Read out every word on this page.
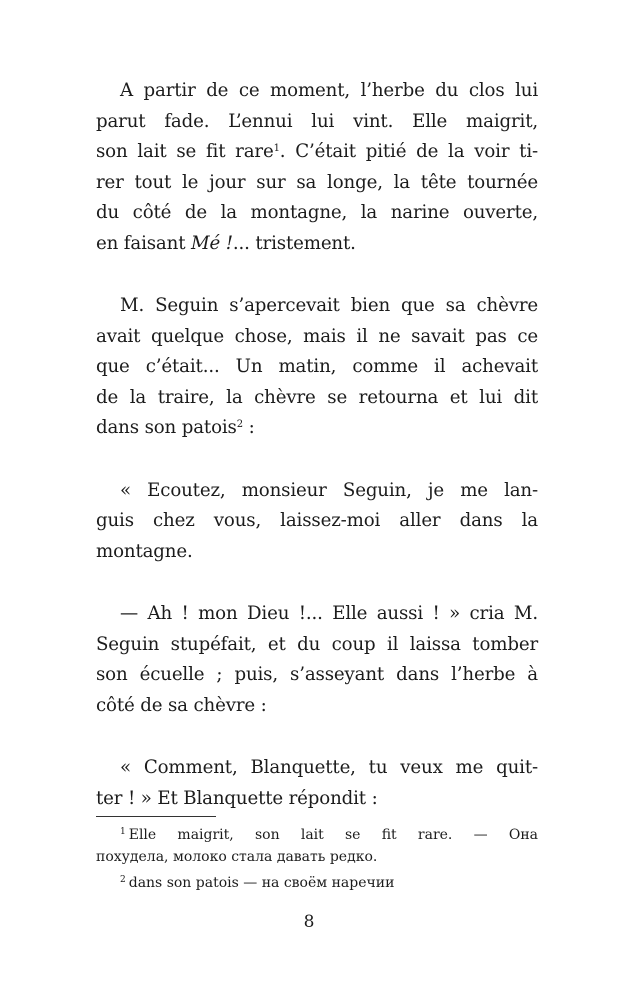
A partir de ce moment, l’herbe du clos lui
parut fade. L’ennui lui vint. Elle maigrit,
son lait se fit rare$^1$. C’était pitié de la voir ti-
rer tout le jour sur sa longe, la tête tournée
du côté de la montagne, la narine ouverte,
en faisant Mé !... tristement.
M. Seguin s’apercevait bien que sa chèvre
avait quelque chose, mais il ne savait pas ce
que c’était... Un matin, comme il achevait
de la traire, la chèvre se retourna et lui dit
dans son patois$^2$ :
« Ecoutez, monsieur Seguin, je me lan-
guis chez vous, laissez-moi aller dans la
montagne.
— Ah ! mon Dieu !... Elle aussi ! » cria M.
Seguin stupéfait, et du coup il laissa tomber
son écuelle ; puis, s’asseyant dans l’herbe à
côté de sa chèvre :
« Comment, Blanquette, tu veux me quit-
ter ! » Et Blanquette répondit :
$^1$ Elle maigrit, son lait se fit rare. — Она
похудела, молоко стала давать редко.
$^2$ dans son patois — на своём наречии
8
